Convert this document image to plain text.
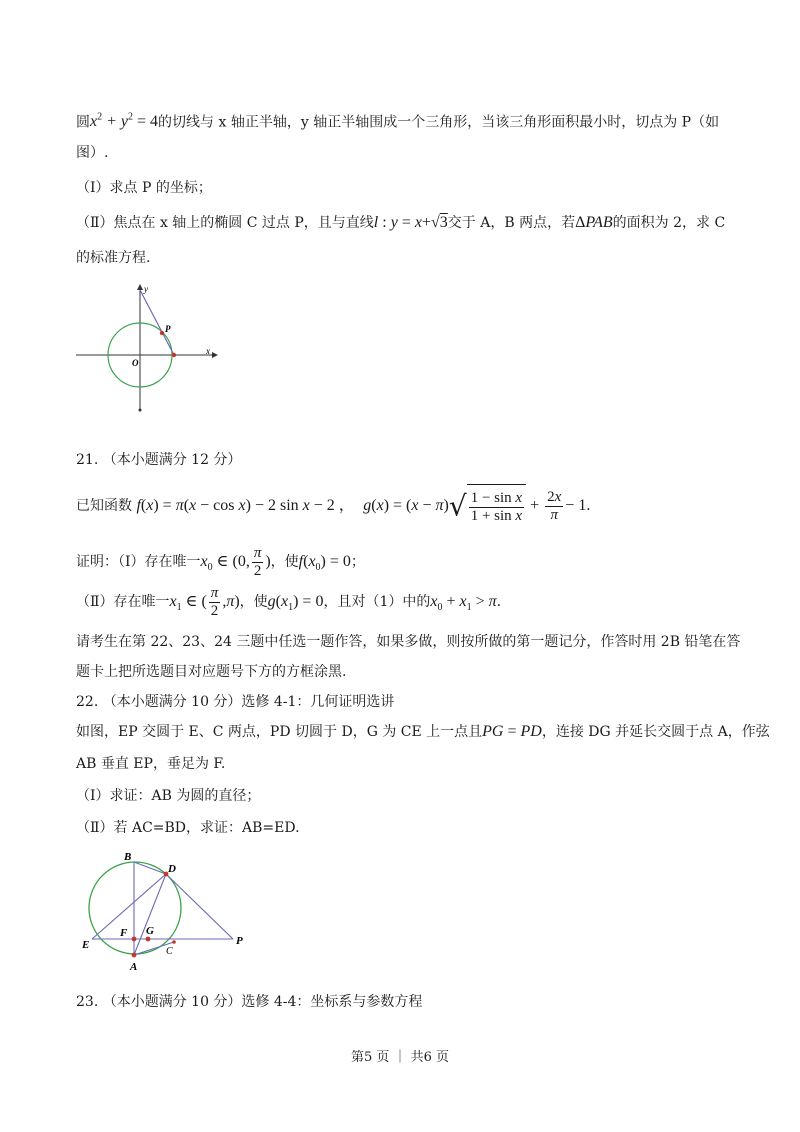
圆$x^2 + y^2 = 4$的切线与 x 轴正半轴，y 轴正半轴围成一个三角形，当该三角形面积最小时，切点为 P（如
图）.
（Ⅰ）求点 P 的坐标；
（Ⅱ）焦点在 x 轴上的椭圆 C 过点 P，且与直线l : y = x+√3交于 A，B 两点，若ΔPAB的面积为 2，求 C
的标准方程.
y
x
O
P
21. （本小题满分 12 分）
已知函数 f(x) = π(x − cos x) − 2 sin x − 2 ，  $g(x) = (x - \pi)√ \frac{\text{1 − sin x}}{\text{1 + sin x}} + \frac{2x}{\pi} - 1$.
证明：（Ⅰ）存在唯一$x_0$ ∈ (0, $\frac{\pi}{2}$ )，使$f(x_0) = 0$；
（Ⅱ）存在唯一$x_1$ ∈ ( $\frac{\pi}{2} ,\pi$)，使$g(x_1) = 0$，且对（1）中的$x_0 + x_1 > \pi$.
请考生在第 22、23、24 三题中任选一题作答，如果多做，则按所做的第一题记分，作答时用 2B 铅笔在答
题卡上把所选题目对应题号下方的方框涂黑.
22. （本小题满分 10 分）选修 4-1：几何证明选讲
如图，EP 交圆于 E、C 两点，PD 切圆于 D，G 为 CE 上一点且PG = PD，连接 DG 并延长交圆于点 A，作弦
AB 垂直 EP，垂足为 F.
（Ⅰ）求证：AB 为圆的直径；
（Ⅱ）若 AC=BD，求证：AB=ED.
B
D
E
F G
C
A
P
23. （本小题满分 10 分）选修 4-4：坐标系与参数方程
第5 页 ｜ 共6 页
